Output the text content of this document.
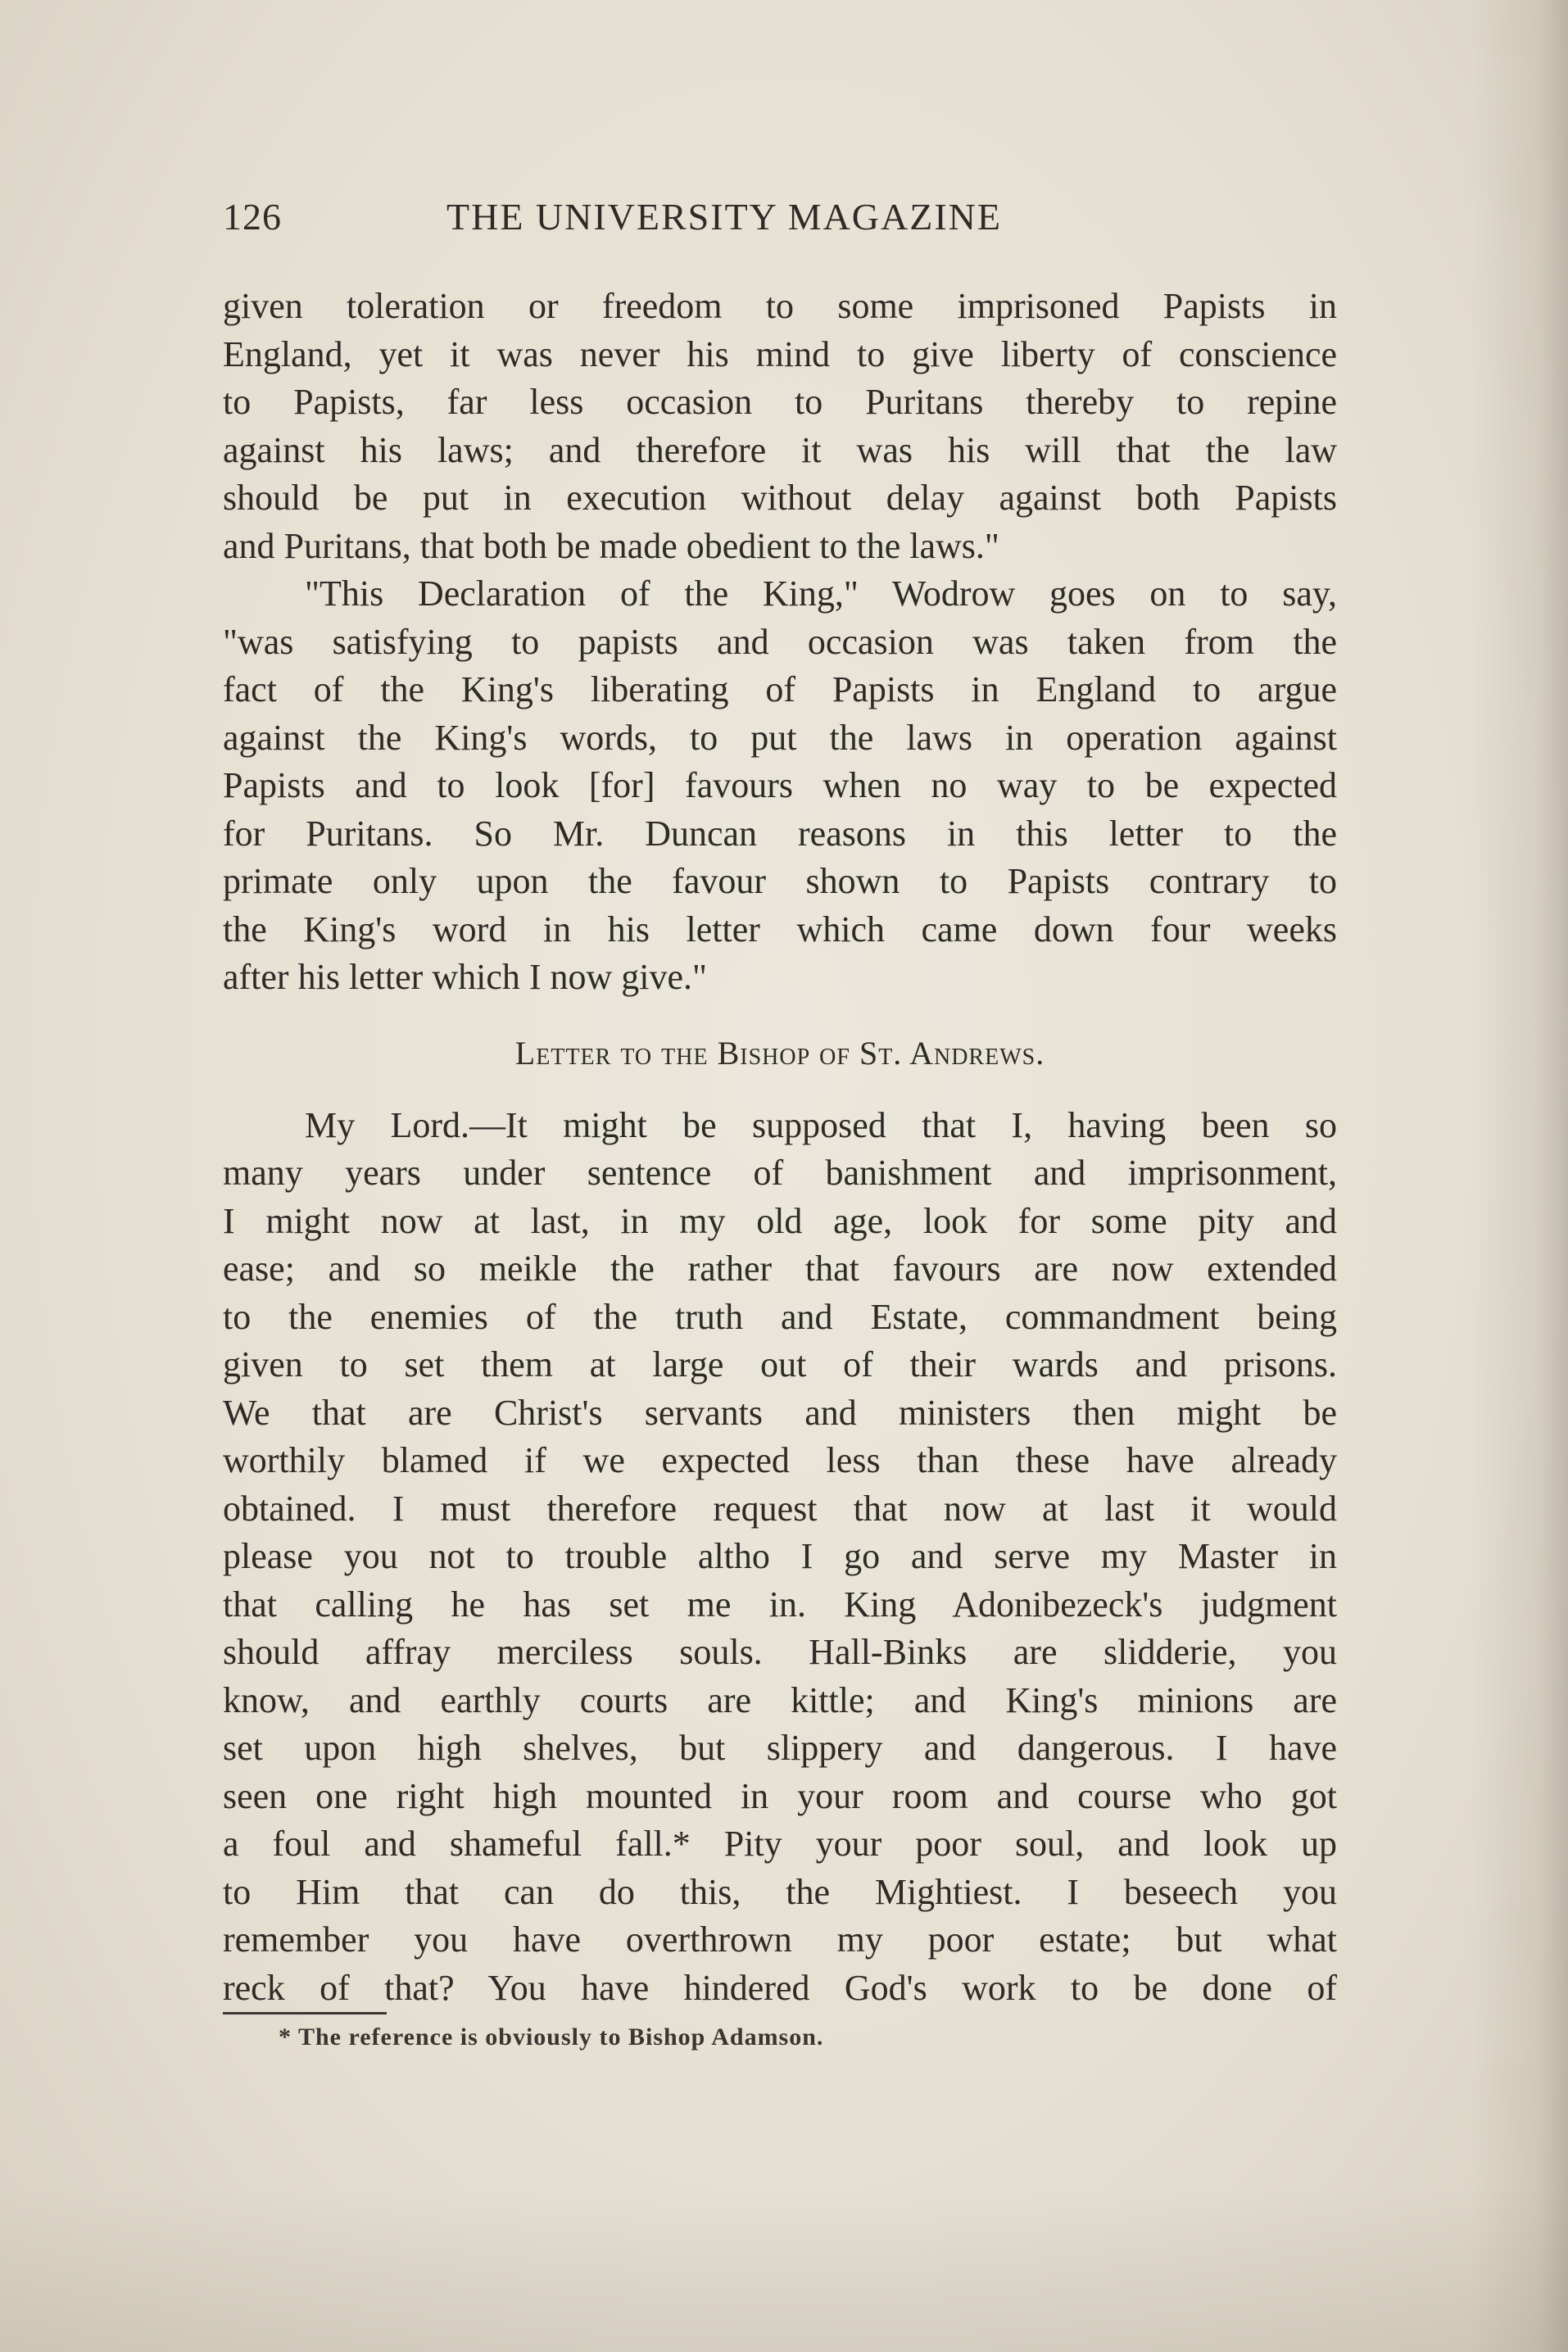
126	THE UNIVERSITY MAGAZINE
given toleration or freedom to some imprisoned Papists in
England, yet it was never his mind to give liberty of conscience
to Papists, far less occasion to Puritans thereby to repine
against his laws; and therefore it was his will that the law
should be put in execution without delay against both Papists
and Puritans, that both be made obedient to the laws."
"This Declaration of the King," Wodrow goes on to say,
"was satisfying to papists and occasion was taken from the
fact of the King's liberating of Papists in England to argue
against the King's words, to put the laws in operation against
Papists and to look [for] favours when no way to be expected
for Puritans. So Mr. Duncan reasons in this letter to the
primate only upon the favour shown to Papists contrary to
the King's word in his letter which came down four weeks
after his letter which I now give."
Letter to the Bishop of St. Andrews.
My Lord.—It might be supposed that I, having been so
many years under sentence of banishment and imprisonment,
I might now at last, in my old age, look for some pity and
ease; and so meikle the rather that favours are now extended
to the enemies of the truth and Estate, commandment being
given to set them at large out of their wards and prisons.
We that are Christ's servants and ministers then might be
worthily blamed if we expected less than these have already
obtained. I must therefore request that now at last it would
please you not to trouble altho I go and serve my Master in
that calling he has set me in. King Adonibezeck's judgment
should affray merciless souls. Hall-Binks are slidderie, you
know, and earthly courts are kittle; and King's minions are
set upon high shelves, but slippery and dangerous. I have
seen one right high mounted in your room and course who got
a foul and shameful fall.* Pity your poor soul, and look up
to Him that can do this, the Mightiest. I beseech you
remember you have overthrown my poor estate; but what
reck of that? You have hindered God's work to be done of
* The reference is obviously to Bishop Adamson.
